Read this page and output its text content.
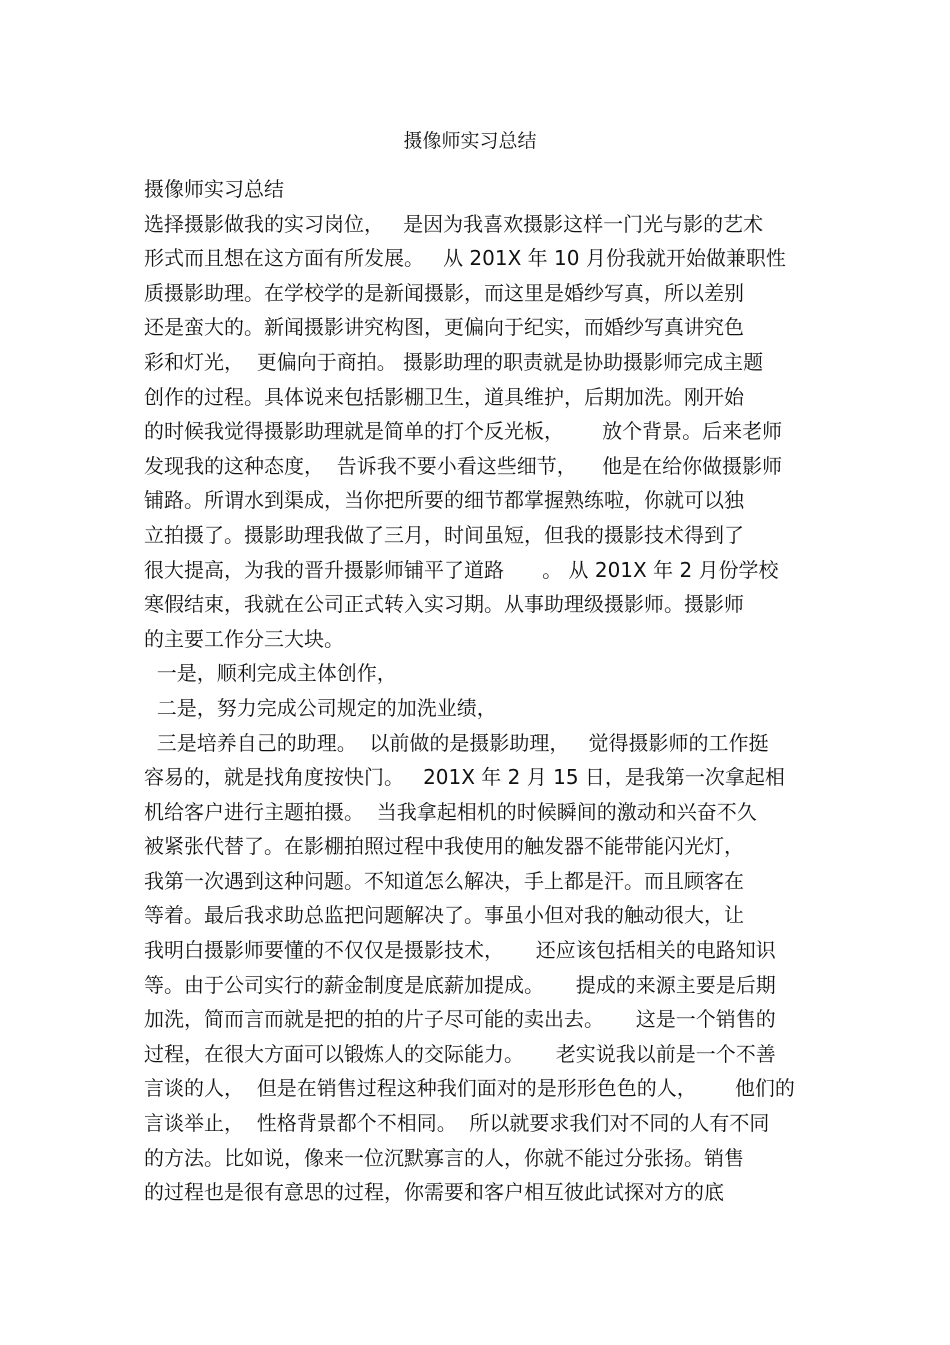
摄像师实习总结
摄像师实习总结
选择摄影做我的实习岗位，   是因为我喜欢摄影这样一门光与影的艺术
形式而且想在这方面有所发展。   从 201X 年 10 月份我就开始做兼职性
质摄影助理。在学校学的是新闻摄影，而这里是婚纱写真，所以差别
还是蛮大的。新闻摄影讲究构图，更偏向于纪实，而婚纱写真讲究色
彩和灯光，  更偏向于商拍。 摄影助理的职责就是协助摄影师完成主题
创作的过程。具体说来包括影棚卫生，道具维护，后期加洗。刚开始
的时候我觉得摄影助理就是简单的打个反光板，      放个背景。后来老师
发现我的这种态度，  告诉我不要小看这些细节，    他是在给你做摄影师
铺路。所谓水到渠成，当你把所要的细节都掌握熟练啦，你就可以独
立拍摄了。摄影助理我做了三月，时间虽短，但我的摄影技术得到了
很大提高，为我的晋升摄影师铺平了道路      。 从 201X 年 2 月份学校
寒假结束，我就在公司正式转入实习期。从事助理级摄影师。摄影师
的主要工作分三大块。
一是，顺利完成主体创作，
二是，努力完成公司规定的加洗业绩，
三是培养自己的助理。  以前做的是摄影助理，   觉得摄影师的工作挺
容易的，就是找角度按快门。   201X 年 2 月 15 日，是我第一次拿起相
机给客户进行主题拍摄。  当我拿起相机的时候瞬间的激动和兴奋不久
被紧张代替了。在影棚拍照过程中我使用的触发器不能带能闪光灯，
我第一次遇到这种问题。不知道怎么解决，手上都是汗。而且顾客在
等着。最后我求助总监把问题解决了。事虽小但对我的触动很大，让
我明白摄影师要懂的不仅仅是摄影技术，     还应该包括相关的电路知识
等。由于公司实行的薪金制度是底薪加提成。     提成的来源主要是后期
加洗，简而言而就是把的拍的片子尽可能的卖出去。     这是一个销售的
过程，在很大方面可以锻炼人的交际能力。     老实说我以前是一个不善
言谈的人，  但是在销售过程这种我们面对的是形形色色的人，      他们的
言谈举止，  性格背景都个不相同。  所以就要求我们对不同的人有不同
的方法。比如说，像来一位沉默寡言的人，你就不能过分张扬。销售
的过程也是很有意思的过程，你需要和客户相互彼此试探对方的底
